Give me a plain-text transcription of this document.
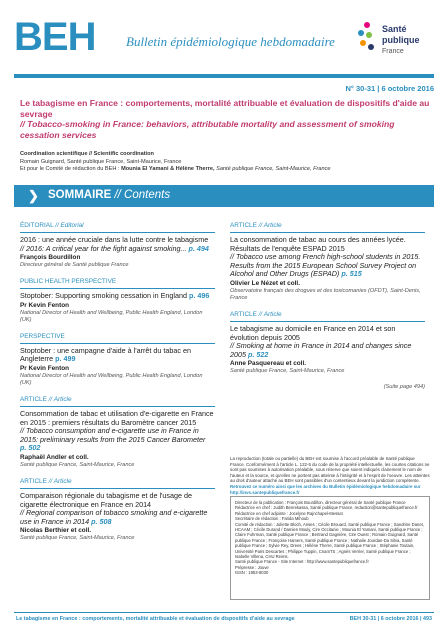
BEH Bulletin épidémiologique hebdomadaire
Santé publique
France
N° 30-31 | 6 octobre 2016
Le tabagisme en France : comportements, mortalité attribuable et évaluation de dispositifs d'aide au sevrage
// Tobacco-smoking in France: behaviors, attributable mortality and assessment of smoking cessation services
Coordination scientifique // Scientific coordination
Romain Guignard, Santé publique France, Saint-Maurice, France
Et pour le Comité de rédaction du BEH : Mounia El Yamani & Hélène Therre, Santé publique France, Saint-Maurice, France
❯ SOMMAIRE // Contents
ÉDITORIAL // Editorial
2016 : une année cruciale dans la lutte contre le tabagisme
// 2016: A critical year for the fight against smoking... p. 494
François Bourdillon
Directeur général de Santé publique France
PUBLIC HEALTH PERSPECTIVE
Stoptober: Supporting smoking cessation in England p. 496
Pr Kevin Fenton
National Director of Health and Wellbeing, Public Health England, London (UK)
PERSPECTIVE
Stoptober : une campagne d'aide à l'arrêt du tabac en Angleterre p. 499
Pr Kevin Fenton
National Director of Health and Wellbeing, Public Health England, London (UK)
ARTICLE // Article
Consommation de tabac et utilisation d'e-cigarette en France en 2015 : premiers résultats du Baromètre cancer 2015
// Tobacco consumption and e-cigarette use in France in 2015: preliminary results from the 2015 Cancer Barometer p. 502
Raphaël Andler et coll.
Santé publique France, Saint-Maurice, France
ARTICLE // Article
Comparaison régionale du tabagisme et de l'usage de cigarette électronique en France en 2014
// Regional comparison of tobacco smoking and e-cigarette use in France in 2014 p. 508
Nicolas Berthier et coll.
Santé publique France, Saint-Maurice, France
ARTICLE // Article
La consommation de tabac au cours des années lycée. Résultats de l'enquête ESPAD 2015
// Tobacco use among French high-school students in 2015. Results from the 2015 European School Survey Project on Alcohol and Other Drugs (ESPAD) p. 515
Olivier Le Nézet et coll.
Observatoire français des drogues et des toxicomanies (OFDT), Saint-Denis, France
ARTICLE // Article
Le tabagisme au domicile en France en 2014 et son évolution depuis 2005
// Smoking at home in France in 2014 and changes since 2005 p. 522
Anne Pasquereau et coll.
Santé publique France, Saint-Maurice, France
(Suite page 494)
La reproduction (totale ou partielle) du BEH est soumise à l'accord préalable de Santé publique France. Conformément à l'article L. 122-5 du code de la propriété intellectuelle, les courtes citations ne sont pas soumises à autorisation préalable, sous réserve que soient indiqués clairement le nom de l'auteur et la source, et qu'elles ne portent pas atteinte à l'intégrité et à l'esprit de l'oeuvre. Les atteintes au droit d'auteur attaché au BEH sont passibles d'un contentieux devant la juridiction compétente.
Retrouvez ce numéro ainsi que les archives du Bulletin épidémiologique hebdomadaire sur http://invs.santepubliquefrance.fr
Directeur de la publication : François Bourdillon, directeur général de Santé publique France
Rédactrice en chef : Judith Benrekassa, Santé publique France, redaction@santepubliquefrance.fr
Rédactrice en chef adjointe : Jocelyne Rajnchapel-Messaï
Secrétaire de rédaction : Farida Mihoub
Comité de rédaction : Juliette Bloch, Anses ; Cécile Brouard, Santé publique France ; Sandrine Danet, HCAAM ; Cécile Durand / Damien Mouly, Cire Occitanie ; Mounia El Yamani, Santé publique France ; Claire Fuhrman, Santé publique France ; Bertrand Gagnière, Cire Ouest ; Romain Guignard, Santé publique France ; Françoise Hamers, Santé publique France ; Nathalie Jourdan-Da Silva, Santé publique France ; Sylvie Rey, Drees ; Hélène Therre, Santé publique France ; Stéphanie Toutain, Université Paris Descartes ; Philippe Tuppin, CnamTS ; Agnès Verrier, Santé publique France ; Isabelle Villena, CHU Reims.
Santé publique France - Site Internet : http://www.santepubliquefrance.fr
Prépresse : Jouve
ISSN : 1953-8030
Le tabagisme en France : comportements, mortalité attribuable et évaluation de dispositifs d'aide au sevrage	BEH 30-31 | 6 octobre 2016 | 493
